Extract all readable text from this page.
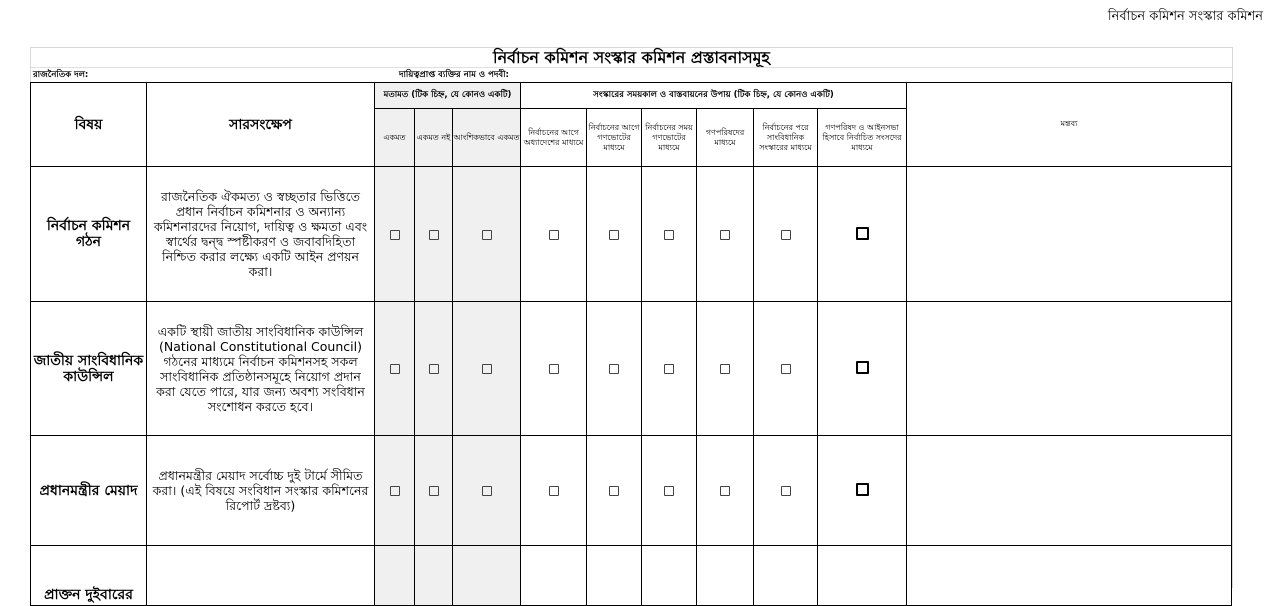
নির্বাচন কমিশন সংস্কার কমিশন
নির্বাচন কমিশন সংস্কার কমিশন প্রস্তাবনাসমূহ
রাজনৈতিক দল:	দায়িত্বপ্রাপ্ত ব্যক্তির নাম ও পদবী:
বিষয়	সারসংক্ষেপ	মতামত (টিক চিহ্ন, যে কোনও একটি)			সংস্কারের সময়কাল ও বাস্তবায়নের উপায় (টিক চিহ্ন, যে কোনও একটি)						মন্তব্য
		একমত	একমত নই	আংশিকভাবে একমত	নির্বাচনের আগে অধ্যাদেশের মাধ্যমে	নির্বাচনের আগে গণভোটের মাধ্যমে	নির্বাচনের সময় গণভোটের মাধ্যমে	গণপরিষদের মাধ্যমে	নির্বাচনের পরে সাংবিধানিক সংস্কারের মাধ্যমে	গণপরিষদ ও আইনসভা হিসাবে নির্বাচিত সংসদের মাধ্যমে	
নির্বাচন কমিশন গঠন	রাজনৈতিক ঐকমত্য ও স্বচ্ছতার ভিত্তিতে প্রধান নির্বাচন কমিশনার ও অন্যান্য কমিশনারদের নিয়োগ, দায়িত্ব ও ক্ষমতা এবং স্বার্থের দ্বন্দ্ব স্পষ্টীকরণ ও জবাবদিহিতা নিশ্চিত করার লক্ষ্যে একটি আইন প্রণয়ন করা।										
জাতীয় সাংবিধানিক কাউন্সিল	একটি স্থায়ী জাতীয় সাংবিধানিক কাউন্সিল (National Constitutional Council) গঠনের মাধ্যমে নির্বাচন কমিশনসহ সকল সাংবিধানিক প্রতিষ্ঠানসমূহে নিয়োগ প্রদান করা যেতে পারে, যার জন্য অবশ্য সংবিধান সংশোধন করতে হবে।										
প্রধানমন্ত্রীর মেয়াদ	প্রধানমন্ত্রীর মেয়াদ সর্বোচ্চ দুই টার্মে সীমিত করা। (এই বিষয়ে সংবিধান সংস্কার কমিশনের রিপোর্ট দ্রষ্টব্য)										
প্রাক্তন দুইবারের											
